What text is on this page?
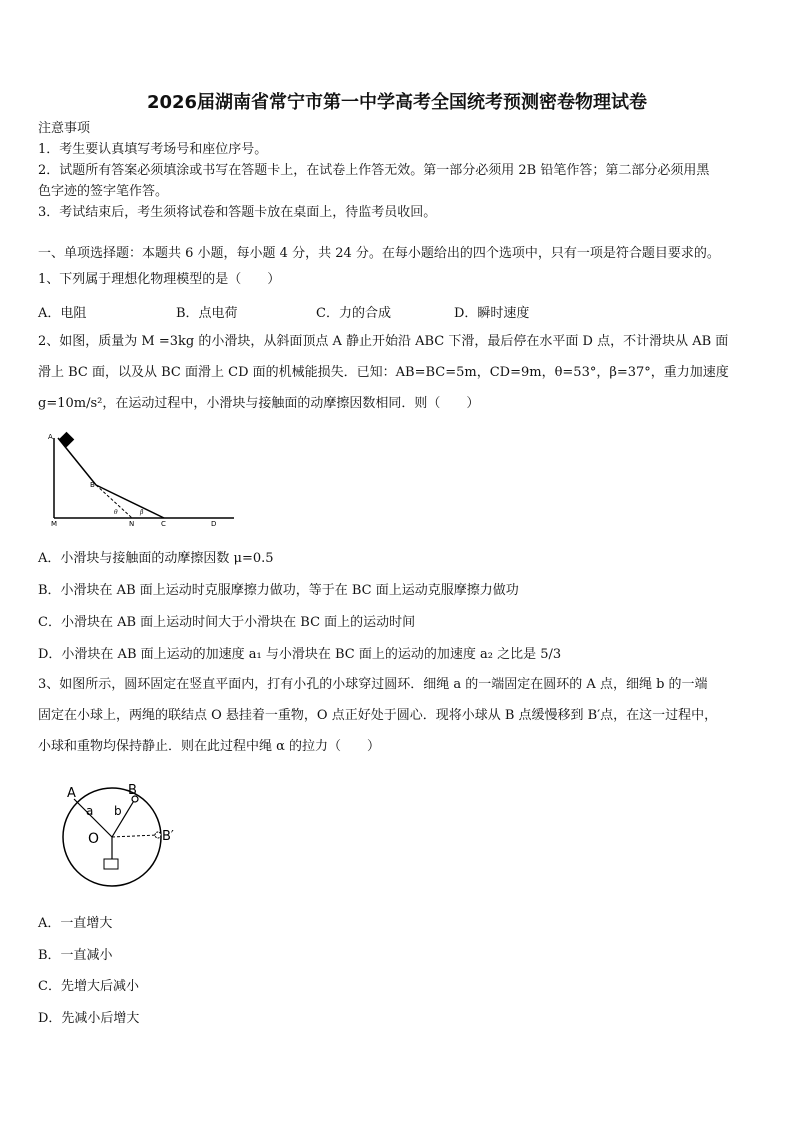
2026届湖南省常宁市第一中学高考全国统考预测密卷物理试卷
注意事项
1．考生要认真填写考场号和座位序号。
2．试题所有答案必须填涂或书写在答题卡上，在试卷上作答无效。第一部分必须用 2B 铅笔作答；第二部分必须用黑
色字迹的签字笔作答。
3．考试结束后，考生须将试卷和答题卡放在桌面上，待监考员收回。
一、单项选择题：本题共 6 小题，每小题 4 分，共 24 分。在每小题给出的四个选项中，只有一项是符合题目要求的。
1、下列属于理想化物理模型的是（　　）
A．电阻	B．点电荷	C．力的合成	D．瞬时速度
2、如图，质量为 M =3kg 的小滑块，从斜面顶点 A 静止开始沿 ABC 下滑，最后停在水平面 D 点，不计滑块从 AB 面
滑上 BC 面，以及从 BC 面滑上 CD 面的机械能损失．已知：AB=BC=5m，CD=9m，θ=53°，β=37°，重力加速度
g=10m/s²，在运动过程中，小滑块与接触面的动摩擦因数相同．则（　　）
A
B
M	N	C	D
θ	β
A．小滑块与接触面的动摩擦因数 μ=0.5
B．小滑块在 AB 面上运动时克服摩擦力做功，等于在 BC 面上运动克服摩擦力做功
C．小滑块在 AB 面上运动时间大于小滑块在 BC 面上的运动时间
D．小滑块在 AB 面上运动的加速度 a₁ 与小滑块在 BC 面上的运动的加速度 a₂ 之比是 5/3
3、如图所示，圆环固定在竖直平面内，打有小孔的小球穿过圆环．细绳 a 的一端固定在圆环的 A 点，细绳 b 的一端
固定在小球上，两绳的联结点 O 悬挂着一重物，O 点正好处于圆心．现将小球从 B 点缓慢移到 B′点，在这一过程中，
小球和重物均保持静止．则在此过程中绳 α 的拉力（　　）
A	B
B′
O
a b
A．一直增大
B．一直减小
C．先增大后减小
D．先减小后增大
